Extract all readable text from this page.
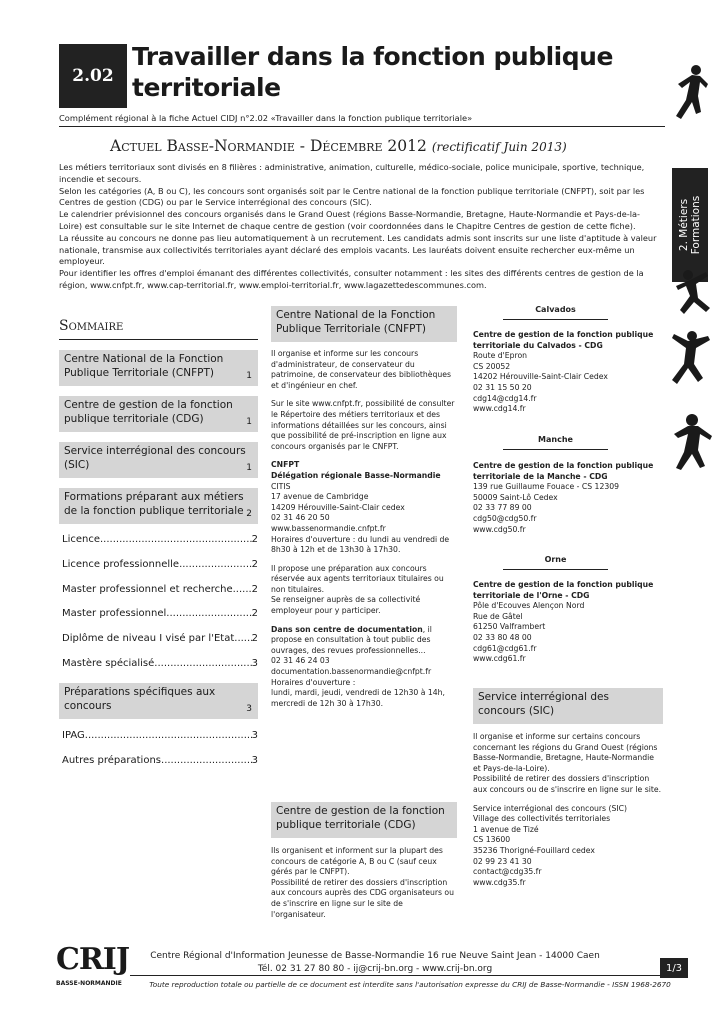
2.02
Travailler dans la fonction publique
territoriale
Complément régional à la fiche Actuel CIDJ n°2.02 «Travailler dans la fonction publique territoriale»
Actuel Basse-Normandie - Décembre 2012 (rectificatif Juin 2013)

Les métiers territoriaux sont divisés en 8 filières : administrative, animation, culturelle, médico-sociale, police municipale, sportive, technique, incendie et secours.

Selon les catégories (A, B ou C), les concours sont organisés soit par le Centre national de la fonction publique territoriale (CNFPT), soit par les Centres de gestion (CDG) ou par le Service interrégional des concours (SIC).

Le calendrier prévisionnel des concours organisés dans le Grand Ouest (régions Basse-Normandie, Bretagne, Haute-Normandie et Pays-de-la-Loire) est consultable sur le site Internet de chaque centre de gestion (voir coordonnées dans le Chapitre Centres de gestion de cette fiche).

La réussite au concours ne donne pas lieu automatiquement à un recrutement. Les candidats admis sont inscrits sur une liste d'aptitude à valeur nationale, transmise aux collectivités territoriales ayant déclaré des emplois vacants. Les lauréats doivent ensuite rechercher eux-même un employeur.

Pour identifier les offres d'emploi émanant des différentes collectivités, consulter notamment : les sites des différents centres de gestion de la région, www.cnfpt.fr, www.cap-territorial.fr, www.emploi-territorial.fr, www.lagazettedescommunes.com.

2. Métiers Formations
Sommaire
Centre National de la Fonction Publique Territoriale (CNFPT)	1
Centre de gestion de la fonction publique territoriale (CDG)	1
Service interrégional des concours (SIC)	1
Formations préparant aux métiers de la fonction publique territoriale 2
Licence .....	2
Licence professionnelle .....	2
Master professionnel et recherche ..... 2
Master professionnel .....	2
Diplôme de niveau I visé par l'Etat ..... 2
Mastère spécialisé .....	3
Préparations spécifiques aux concours	3
IPAG .....	3
Autres préparations .....	3
Centre National de la Fonction Publique Territoriale (CNFPT)

Il organise et informe sur les concours d'administrateur, de conservateur du patrimoine, de conservateur des bibliothèques et d'ingénieur en chef.

Sur le site www.cnfpt.fr, possibilité de consulter le Répertoire des métiers territoriaux et des informations détaillées sur les concours, ainsi que possibilité de pré-inscription en ligne aux concours organisés par le CNFPT.

CNFPT
Délégation régionale Basse-Normandie
CITIS
17 avenue de Cambridge
14209 Hérouville-Saint-Clair cedex
02 31 46 20 50
www.bassenormandie.cnfpt.fr

Horaires d'ouverture : du lundi au vendredi de 8h30 à 12h et de 13h30 à 17h30.

Il propose une préparation aux concours réservée aux agents territoriaux titulaires ou non titulaires.

Se renseigner auprès de sa collectivité employeur pour y participer.

Dans son centre de documentation, il propose en consultation à tout public des ouvrages, des revues professionnelles...
02 31 46 24 03
documentation.bassenormandie@cnfpt.fr
Horaires d'ouverture :
lundi, mardi, jeudi, vendredi de 12h30 à 14h, mercredi de 12h 30 à 17h30.
Centre de gestion de la fonction publique territoriale (CDG)
Ils organisent et informent sur la plupart des concours de catégorie A, B ou C (sauf ceux gérés par le CNFPT).
Possibilité de retirer des dossiers d'inscription aux concours auprès des CDG organisateurs ou de s'inscrire en ligne sur le site de l'organisateur.
Calvados
Centre de gestion de la fonction publique territoriale du Calvados - CDG
Route d'Epron
CS 20052
14202 Hérouville-Saint-Clair Cedex
02 31 15 50 20
cdg14@cdg14.fr
www.cdg14.fr
Manche
Centre de gestion de la fonction publique territoriale de la Manche - CDG
139 rue Guillaume Fouace - CS 12309
50009 Saint-Lô Cedex
02 33 77 89 00
cdg50@cdg50.fr
www.cdg50.fr
Orne
Centre de gestion de la fonction publique territoriale de l'Orne - CDG
Pôle d'Ecouves Alençon Nord
Rue de Gâtel
61250 Valframbert
02 33 80 48 00
cdg61@cdg61.fr
www.cdg61.fr
Service interrégional des concours (SIC)
Il organise et informe sur certains concours concernant les régions du Grand Ouest (régions Basse-Normandie, Bretagne, Haute-Normandie et Pays-de-la-Loire).

Possibilité de retirer des dossiers d'inscription aux concours ou de s'inscrire en ligne sur le site.

Service interrégional des concours (SIC)
Village des collectivités territoriales
1 avenue de Tizé
CS 13600
35236 Thorigné-Fouillard cedex
02 99 23 41 30
contact@cdg35.fr
www.cdg35.fr
CRIJ
BASSE-NORMANDIE
Centre Régional d'Information Jeunesse de Basse-Normandie 16 rue Neuve Saint Jean - 14000 Caen
Tél. 02 31 27 80 80 - ij@crij-bn.org - www.crij-bn.org	1/3
Toute reproduction totale ou partielle de ce document est interdite sans l'autorisation expresse du CRIJ de Basse-Normandie - ISSN 1968-2670
